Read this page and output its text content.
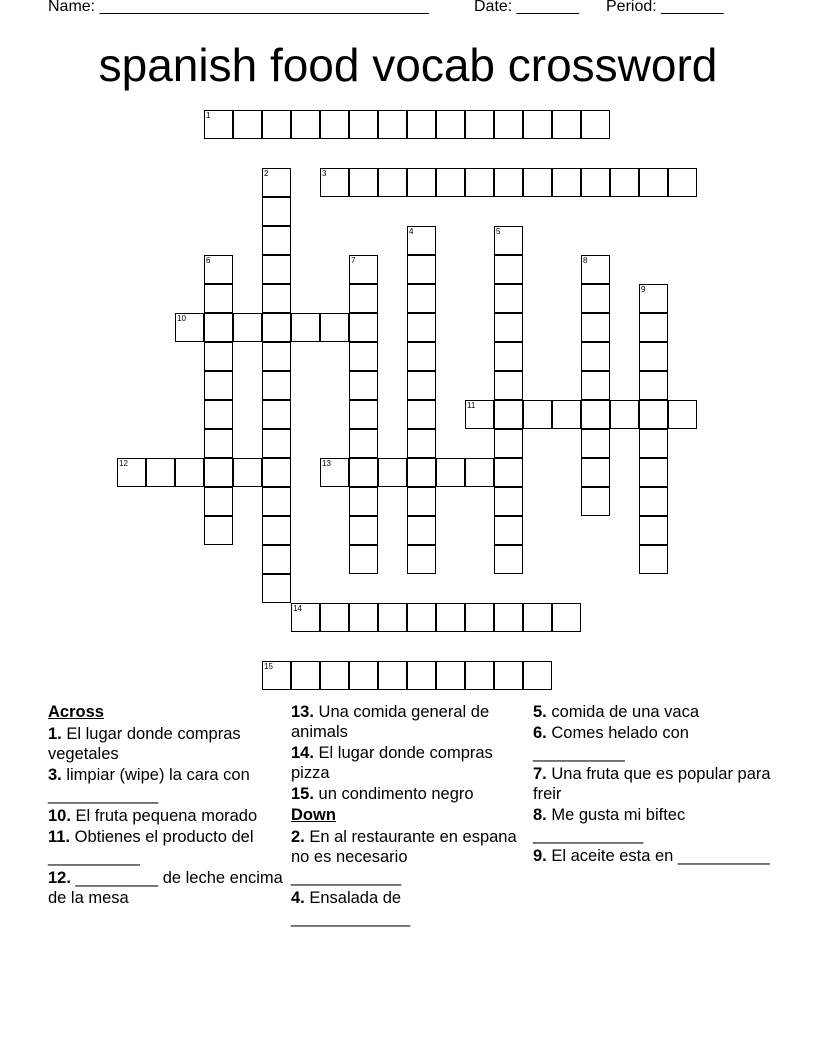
Name: _____________________________________	Date: _______ Period: _______
spanish food vocab crossword
1
2	3
4	5
6	7	8
9
10
11
12	13
14
15
Across
1. El lugar donde compras vegetales
3. limpiar (wipe) la cara con ____________
10. El fruta pequena morado
11. Obtienes el producto del __________
12. _________ de leche encima de la mesa
13. Una comida general de animals
14. El lugar donde compras pizza
15. un condimento negro
Down
2. En al restaurante en espana no es necesario ____________
4. Ensalada de _____________
5. comida de una vaca
6. Comes helado con __________
7. Una fruta que es popular para freir
8. Me gusta mi biftec ____________
9. El aceite esta en __________
